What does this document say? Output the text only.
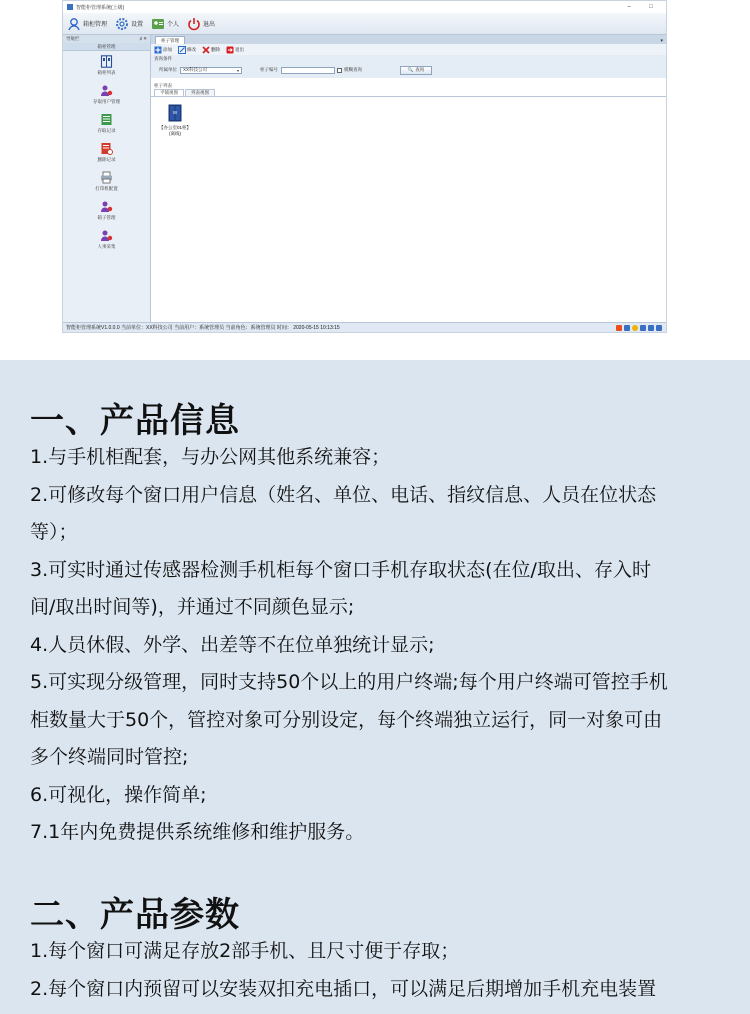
智能柜管理系统(上级)	–	□
箱柜管理	设置	个人	退出
导航栏	♯ ✕
箱柜管理
箱柜列表
存取用户管理
存取记录
删除记录
打印机配置
箱子管理
人事采集
柜子管理	▾
添加	修改	删除	退出
查询条件
所属单位 XX科技公司	▾	柜子编号	模糊查询	🔍 查询
柜子列表
平铺视图	列表视图
【办公室01柜】
(离线)
智能柜管理系统V1.0.0.0 当前单位：XX科技公司 当前用户：系统管理员 当前角色：系统管理员 时间： 2020-05-15 10:13:15
一、产品信息
1.与手机柜配套，与办公网其他系统兼容；
2.可修改每个窗口用户信息（姓名、单位、电话、指纹信息、人员在位状态
等）；
3.可实时通过传感器检测手机柜每个窗口手机存取状态(在位/取出、存入时
间/取出时间等)，并通过不同颜色显示;
4.人员休假、外学、出差等不在位单独统计显示;
5.可实现分级管理，同时支持50个以上的用户终端;每个用户终端可管控手机
柜数量大于50个，管控对象可分别设定，每个终端独立运行，同一对象可由
多个终端同时管控;
6.可视化，操作简单;
7.1年内免费提供系统维修和维护服务。
二、产品参数
1.每个窗口可满足存放2部手机、且尺寸便于存取；
2.每个窗口内预留可以安装双扣充电插口，可以满足后期增加手机充电装置
